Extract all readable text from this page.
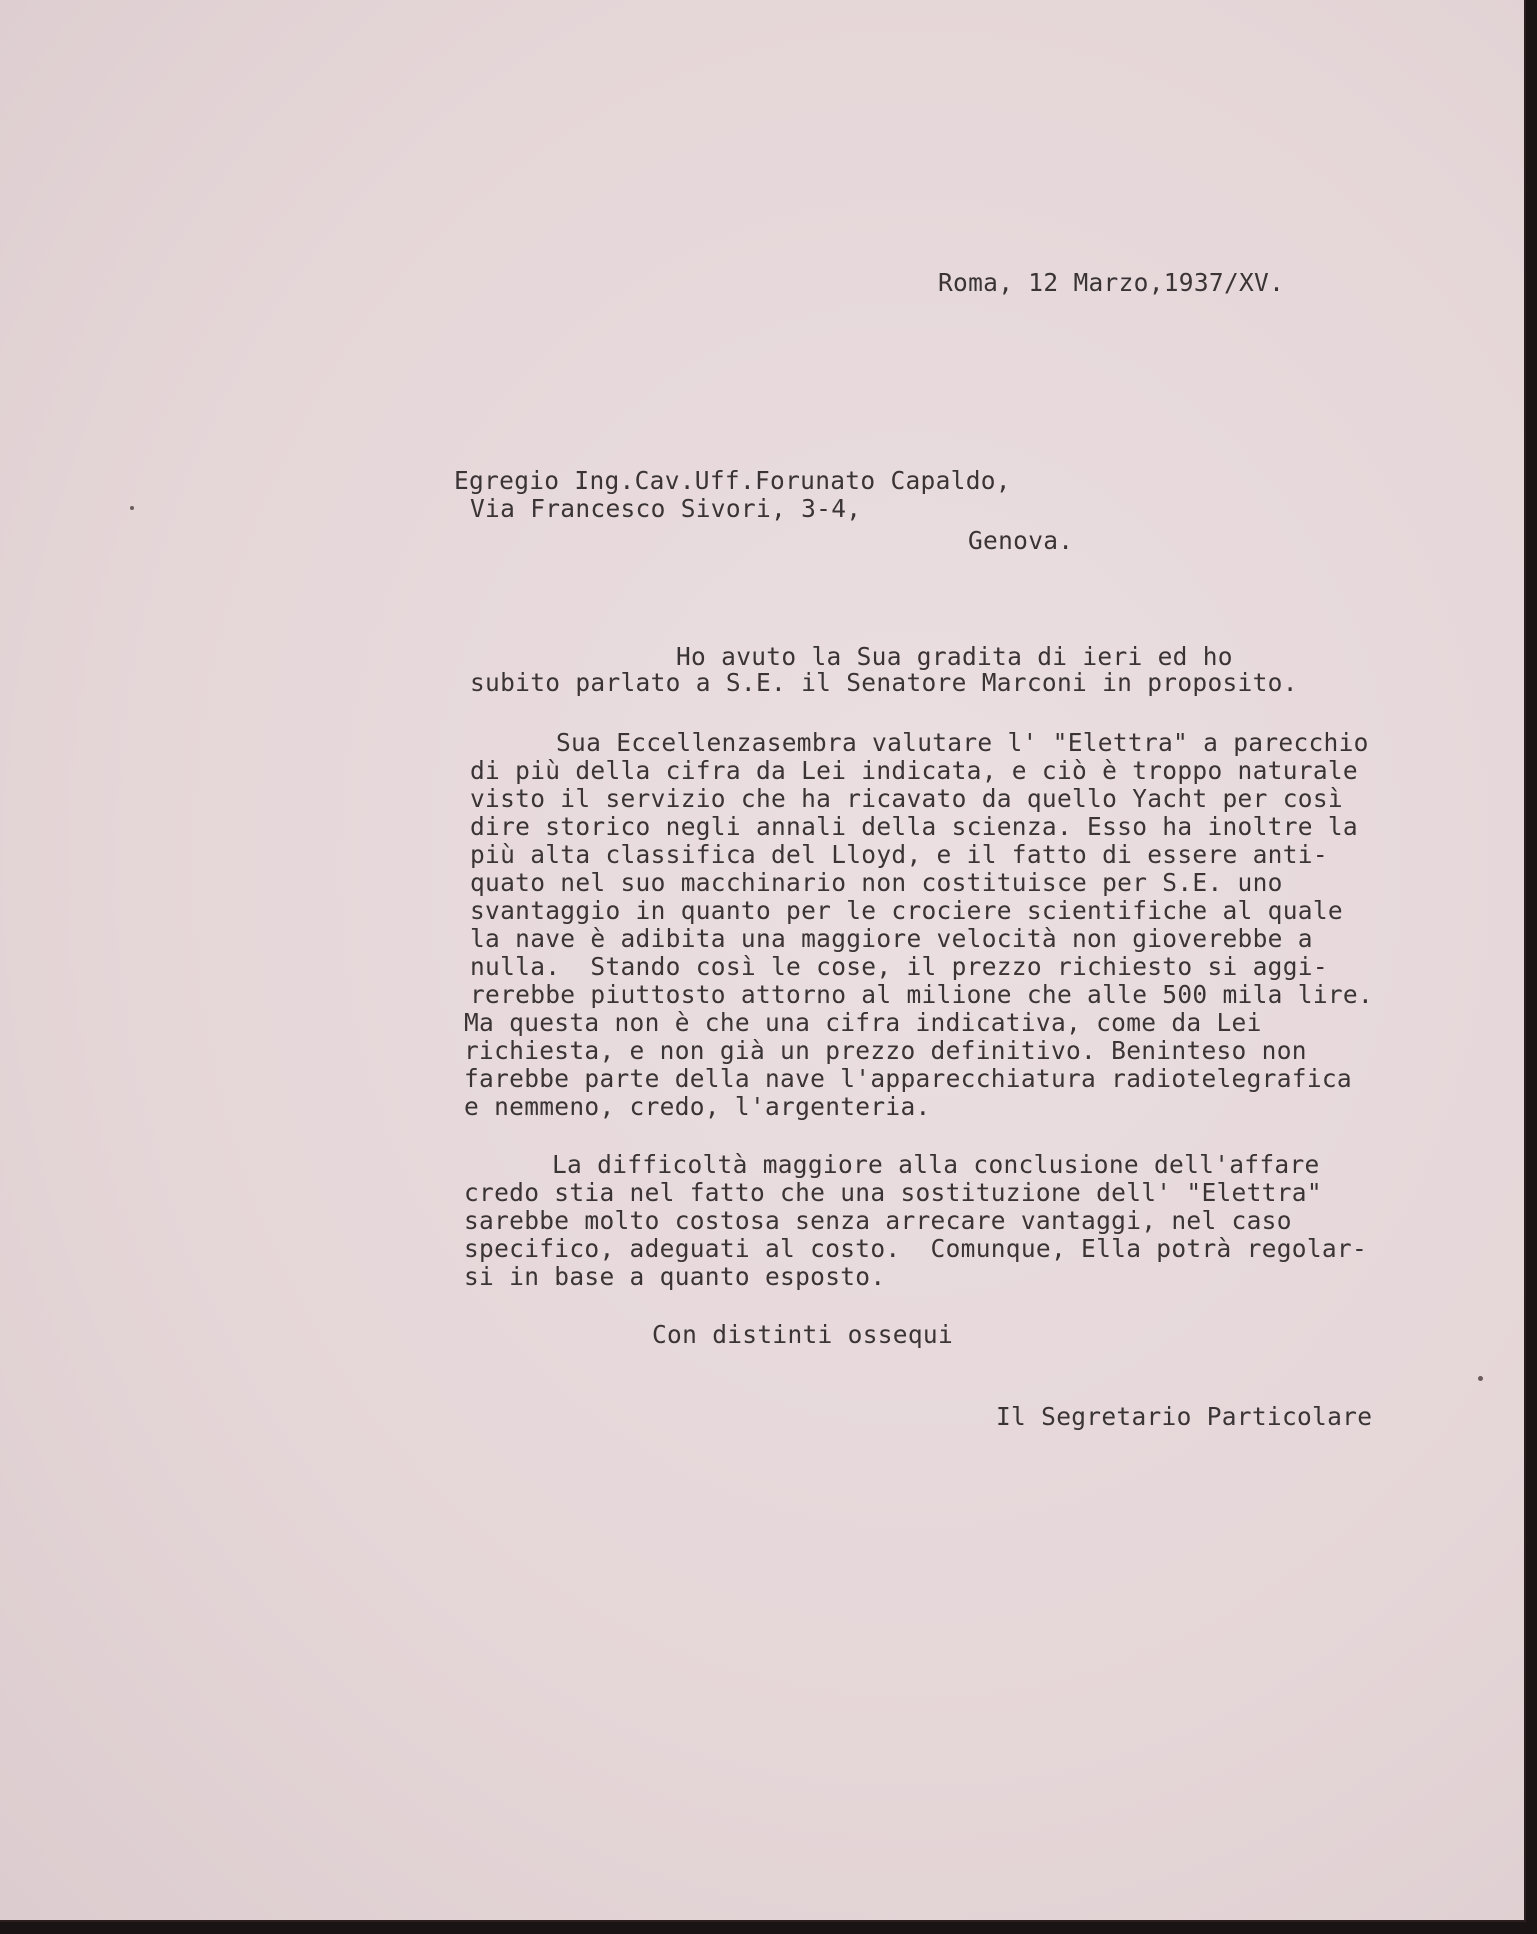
Roma, 12 Marzo,1937/XV.
Egregio Ing.Cav.Uff.Forunato Capaldo,
Via Francesco Sivori, 3-4,
Genova.
Ho avuto la Sua gradita di ieri ed ho
subito parlato a S.E. il Senatore Marconi in proposito.
Sua Eccellenzasembra valutare l' "Elettra" a parecchio
di più della cifra da Lei indicata, e ciò è troppo naturale
visto il servizio che ha ricavato da quello Yacht per così
dire storico negli annali della scienza. Esso ha inoltre la
più alta classifica del Lloyd, e il fatto di essere anti-
quato nel suo macchinario non costituisce per S.E. uno
svantaggio in quanto per le crociere scientifiche al quale
la nave è adibita una maggiore velocità non gioverebbe a
nulla.  Stando così le cose, il prezzo richiesto si aggi-
rerebbe piuttosto attorno al milione che alle 500 mila lire.
Ma questa non è che una cifra indicativa, come da Lei
richiesta, e non già un prezzo definitivo. Beninteso non
farebbe parte della nave l'apparecchiatura radiotelegrafica
e nemmeno, credo, l'argenteria.
La difficoltà maggiore alla conclusione dell'affare
credo stia nel fatto che una sostituzione dell' "Elettra"
sarebbe molto costosa senza arrecare vantaggi, nel caso
specifico, adeguati al costo.  Comunque, Ella potrà regolar-
si in base a quanto esposto.
Con distinti ossequi
Il Segretario Particolare
